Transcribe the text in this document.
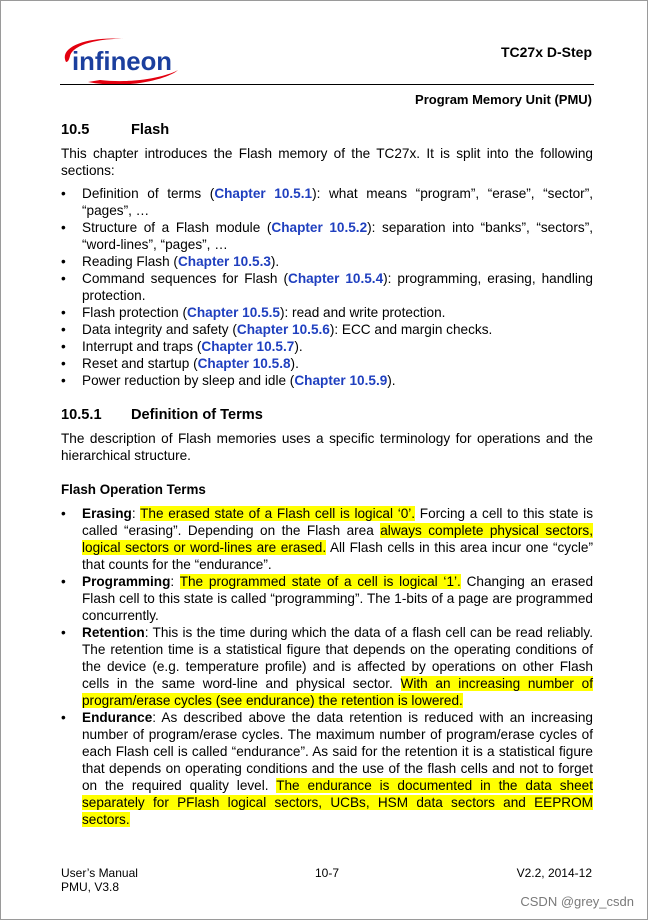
infineon	TC27x D-Step
Program Memory Unit (PMU)
10.5	Flash

This chapter introduces the Flash memory of the TC27x. It is split into the following sections:

• Definition of terms (Chapter 10.5.1): what means “program”, “erase”, “sector”, “pages”, …
• Structure of a Flash module (Chapter 10.5.2): separation into “banks”, “sectors”, “word-lines”, “pages”, …
• Reading Flash (Chapter 10.5.3).
• Command sequences for Flash (Chapter 10.5.4): programming, erasing, handling protection.
• Flash protection (Chapter 10.5.5): read and write protection.
• Data integrity and safety (Chapter 10.5.6): ECC and margin checks.
• Interrupt and traps (Chapter 10.5.7).
• Reset and startup (Chapter 10.5.8).
• Power reduction by sleep and idle (Chapter 10.5.9).
10.5.1 Definition of Terms

The description of Flash memories uses a specific terminology for operations and the hierarchical structure.

Flash Operation Terms
• Erasing: The erased state of a Flash cell is logical ‘0’. Forcing a cell to this state is called “erasing”. Depending on the Flash area always complete physical sectors, logical sectors or word-lines are erased. All Flash cells in this area incur one “cycle” that counts for the “endurance”.
• Programming: The programmed state of a cell is logical ‘1’. Changing an erased Flash cell to this state is called “programming”. The 1-bits of a page are programmed concurrently.
• Retention: This is the time during which the data of a flash cell can be read reliably. The retention time is a statistical figure that depends on the operating conditions of the device (e.g. temperature profile) and is affected by operations on other Flash cells in the same word-line and physical sector. With an increasing number of program/erase cycles (see endurance) the retention is lowered.
• Endurance: As described above the data retention is reduced with an increasing number of program/erase cycles. The maximum number of program/erase cycles of each Flash cell is called “endurance”. As said for the retention it is a statistical figure that depends on operating conditions and the use of the flash cells and not to forget on the required quality level. The endurance is documented in the data sheet separately for PFlash logical sectors, UCBs, HSM data sectors and EEPROM sectors.
User’s Manual
PMU, V3.8
10-7	V2.2, 2014-12
CSDN @grey_csdn
